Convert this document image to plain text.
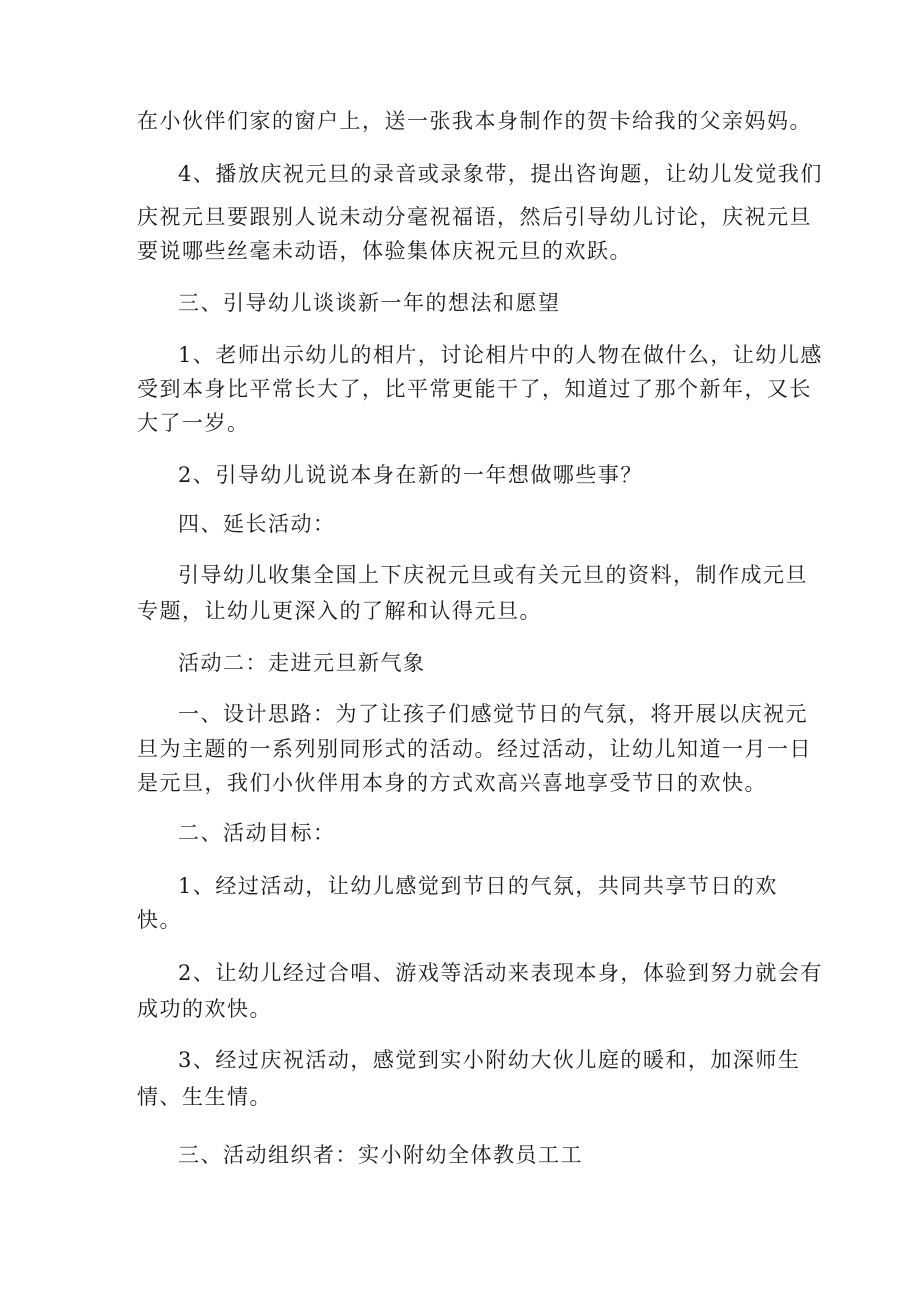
在小伙伴们家的窗户上，送一张我本身制作的贺卡给我的父亲妈妈。
4、播放庆祝元旦的录音或录象带，提出咨询题，让幼儿发觉我们
庆祝元旦要跟别人说未动分毫祝福语，然后引导幼儿讨论，庆祝元旦
要说哪些丝毫未动语，体验集体庆祝元旦的欢跃。
三、引导幼儿谈谈新一年的想法和愿望
1、老师出示幼儿的相片，讨论相片中的人物在做什么，让幼儿感
受到本身比平常长大了，比平常更能干了，知道过了那个新年，又长
大了一岁。
2、引导幼儿说说本身在新的一年想做哪些事？
四、延长活动：
引导幼儿收集全国上下庆祝元旦或有关元旦的资料，制作成元旦
专题，让幼儿更深入的了解和认得元旦。
活动二：走进元旦新气象
一、设计思路：为了让孩子们感觉节日的气氛，将开展以庆祝元
旦为主题的一系列别同形式的活动。经过活动，让幼儿知道一月一日
是元旦，我们小伙伴用本身的方式欢高兴喜地享受节日的欢快。
二、活动目标：
1、经过活动，让幼儿感觉到节日的气氛，共同共享节日的欢
快。
2、让幼儿经过合唱、游戏等活动来表现本身，体验到努力就会有
成功的欢快。
3、经过庆祝活动，感觉到实小附幼大伙儿庭的暖和，加深师生
情、生生情。
三、活动组织者：实小附幼全体教员工工
